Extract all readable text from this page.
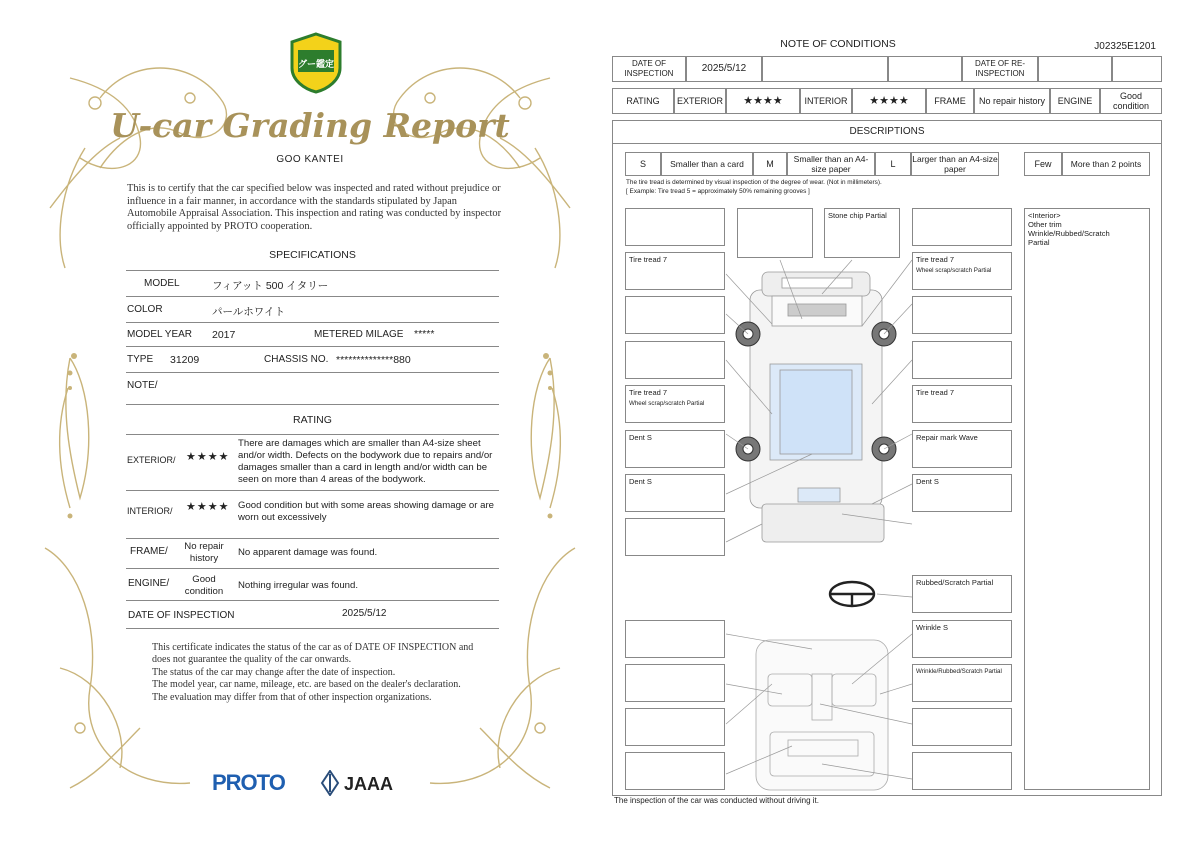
グー鑑定
U-car Grading Report
GOO KANTEI
This is to certify that the car specified below was inspected and rated without prejudice or influence in a fair manner, in accordance with the standards stipulated by Japan Automobile Appraisal Association. This inspection and rating was conducted by inspector officially appointed by PROTO cooperation.
SPECIFICATIONS
MODEL	フィアット 500 イタリー
COLOR	パールホワイト
MODEL YEAR 2017	METERED MILAGE *****
TYPE 31209	CHASSIS NO. **************880
NOTE/
RATING
EXTERIOR/ ★★★★
There are damages which are smaller than A4-size sheet and/or width. Defects on the bodywork due to repairs and/or damages smaller than a card in length and/or width can be seen on more than 4 areas of the bodywork.
INTERIOR/ ★★★★ Good condition but with some areas showing damage or are worn out excessively
FRAME/	No repair history
No apparent damage was found.
ENGINE/	Good condition
Nothing irregular was found.
DATE OF INSPECTION	2025/5/12
This certificate indicates the status of the car as of DATE OF INSPECTION and does not guarantee the quality of the car onwards.
The status of the car may change after the date of inspection.
The model year, car name, mileage, etc. are based on the dealer's declaration.
The evaluation may differ from that of other inspection organizations.
PROTO	JAAA
NOTE OF CONDITIONS	J02325E1201
DATE OF INSPECTION	2025/5/12	DATE OF RE-INSPECTION
RATING	EXTERIOR	★★★★	INTERIOR	★★★★	FRAME	No repair history	ENGINE
Good condition
DESCRIPTIONS
S	Smaller than a card	M
Smaller than an A4-size paper
L
Larger than an A4-size paper
Few	More than 2 points
The tire tread is determined by visual inspection of the degree of wear. (Not in millimeters).
[ Example: Tire tread 5 = approximately 50% remaining grooves ]
Tire tread 7
Tire tread 7
Wheel scrap/scratch Partial
Dent S
Dent S
Stone chip Partial
Tire tread 7
Wheel scrap/scratch Partial
Tire tread 7
Repair mark Wave
Dent S
Rubbed/Scratch Partial
Wrinkle S
Wrinkle/Rubbed/Scratch Partial
<Interior>
Other trim
Wrinkle/Rubbed/Scratch
Partial
The inspection of the car was conducted without driving it.
